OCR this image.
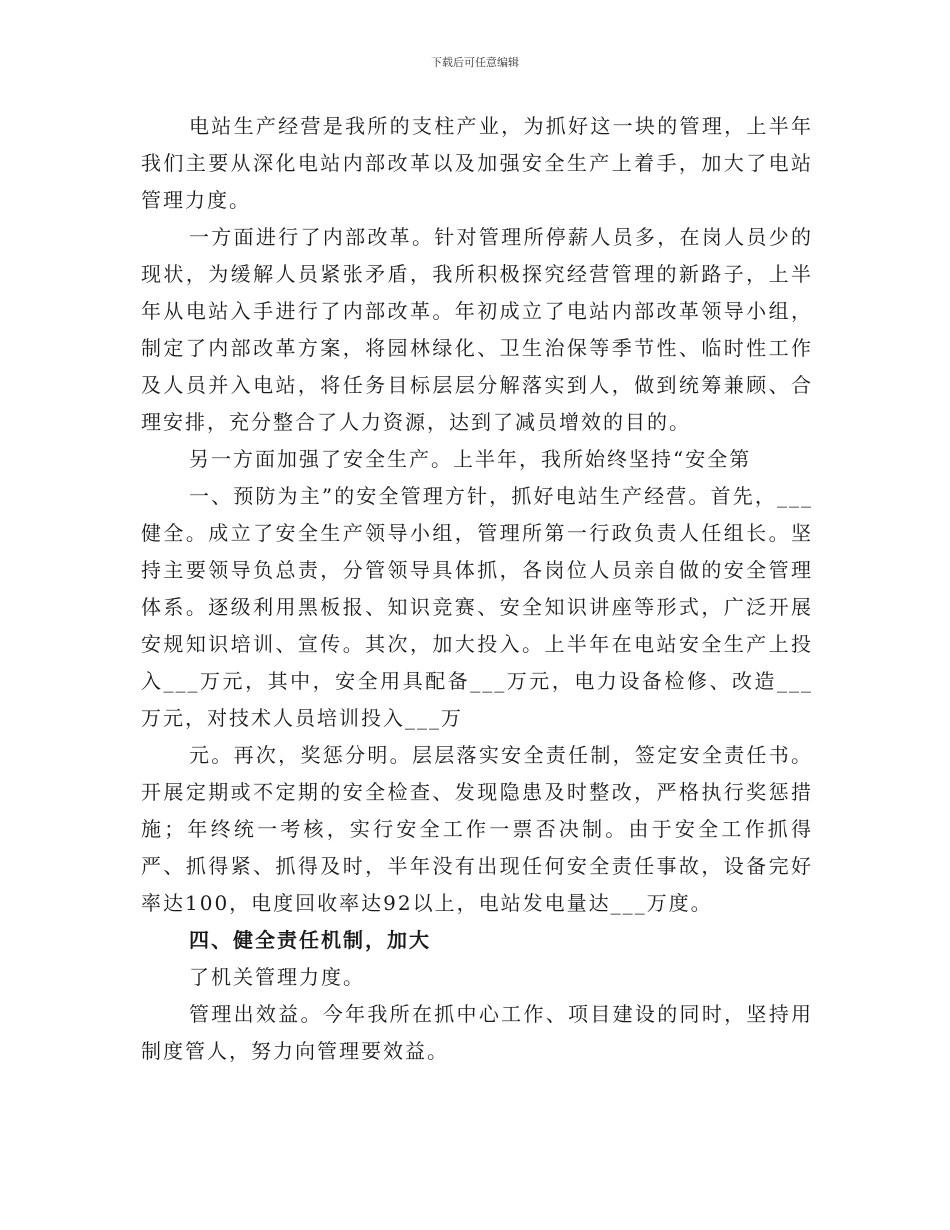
下载后可任意编辑

电站生产经营是我所的支柱产业，为抓好这一块的管理，上半年我们主要从深化电站内部改革以及加强安全生产上着手，加大了电站管理力度。

一方面进行了内部改革。针对管理所停薪人员多，在岗人员少的现状，为缓解人员紧张矛盾，我所积极探究经营管理的新路子，上半年从电站入手进行了内部改革。年初成立了电站内部改革领导小组，制定了内部改革方案，将园林绿化、卫生治保等季节性、临时性工作及人员并入电站，将任务目标层层分解落实到人，做到统筹兼顾、合理安排，充分整合了人力资源，达到了减员增效的目的。

另一方面加强了安全生产。上半年，我所始终坚持“安全第

一、预防为主”的安全管理方针，抓好电站生产经营。首先，___健全。成立了安全生产领导小组，管理所第一行政负责人任组长。坚持主要领导负总责，分管领导具体抓，各岗位人员亲自做的安全管理体系。逐级利用黑板报、知识竞赛、安全知识讲座等形式，广泛开展安规知识培训、宣传。其次，加大投入。上半年在电站安全生产上投入___万元，其中，安全用具配备___万元，电力设备检修、改造___万元，对技术人员培训投入___万

元。再次，奖惩分明。层层落实安全责任制，签定安全责任书。开展定期或不定期的安全检查、发现隐患及时整改，严格执行奖惩措施；年终统一考核，实行安全工作一票否决制。由于安全工作抓得严、抓得紧、抓得及时，半年没有出现任何安全责任事故，设备完好率达100，电度回收率达92以上，电站发电量达___万度。

四、健全责任机制，加大

了机关管理力度。

管理出效益。今年我所在抓中心工作、项目建设的同时，坚持用制度管人，努力向管理要效益。
